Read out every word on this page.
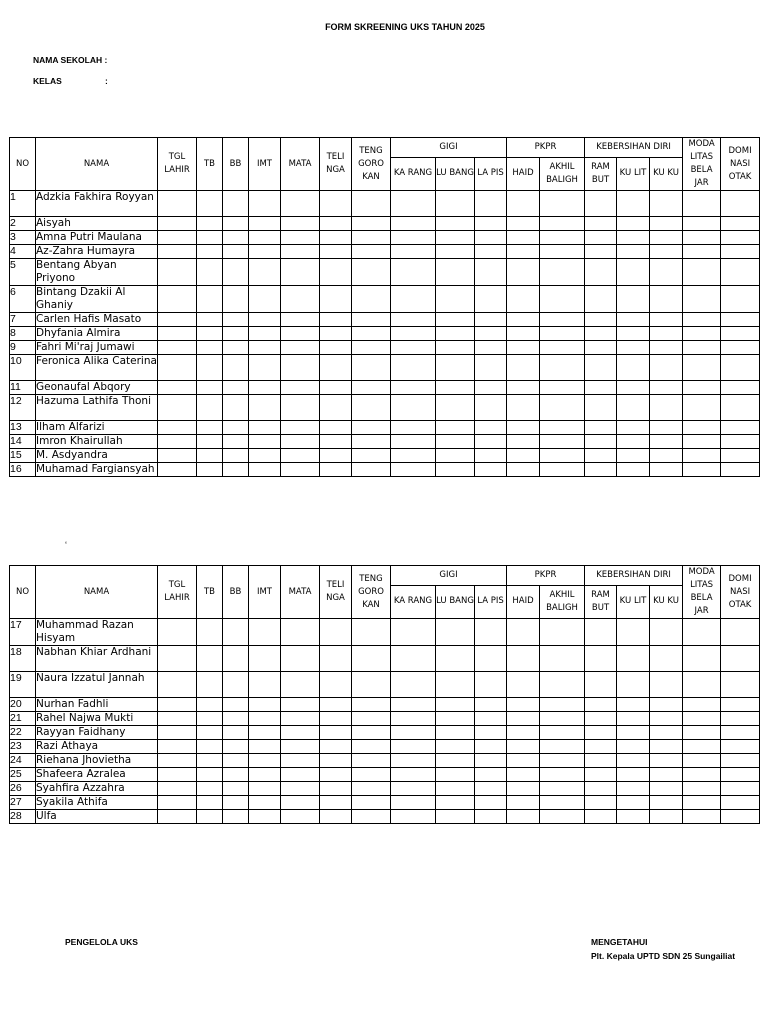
FORM SKREENING UKS TAHUN 2025
NAMA SEKOLAH :
KELAS	:
NO	NAMA	TGL LAHIR	TB	BB	IMT	MATA	TELI NGA	TENG GORO KAN	GIGI			PKPR		KEBERSIHAN DIRI			MODA LITAS BELA JAR	DOMI NASI OTAK
									KA RANG	LU BANG	LA PIS	HAID	AKHIL BALIGH	RAM BUT	KU LIT	KU KU		
1	Adzkia Fakhira Royyan																	
2	Aisyah																	
3	Amna Putri Maulana																	
4	Az-Zahra Humayra																	
5	Bentang Abyan Priyono																	
6	Bintang Dzakii Al Ghaniy																	
7	Carlen Hafis Masato																	
8	Dhyfania Almira																	
9	Fahri Mi'raj Jumawi																	
10	Feronica Alika Caterina																	
11	Geonaufal Abqory																	
12	Hazuma Lathifa Thoni																	
13	Ilham Alfarizi																	
14	Imron Khairullah																	
15	M. Asdyandra																	
16	Muhamad Fargiansyah																	
‘
NO	NAMA	TGL LAHIR	TB	BB	IMT	MATA	TELI NGA	TENG GORO KAN	GIGI			PKPR		KEBERSIHAN DIRI			MODA LITAS BELA JAR	DOMI NASI OTAK
									KA RANG	LU BANG	LA PIS	HAID	AKHIL BALIGH	RAM BUT	KU LIT	KU KU		
17	Muhammad Razan Hisyam																	
18	Nabhan Khiar Ardhani																	
19	Naura Izzatul Jannah																	
20	Nurhan Fadhli																	
21	Rahel Najwa Mukti																	
22	Rayyan Faidhany																	
23	Razi Athaya																	
24	Riehana Jhovietha																	
25	Shafeera Azralea																	
26	Syahfira Azzahra																	
27	Syakila Athifa																	
28	Ulfa																	
PENGELOLA UKS	MENGETAHUI
Plt. Kepala UPTD SDN 25 Sungailiat
